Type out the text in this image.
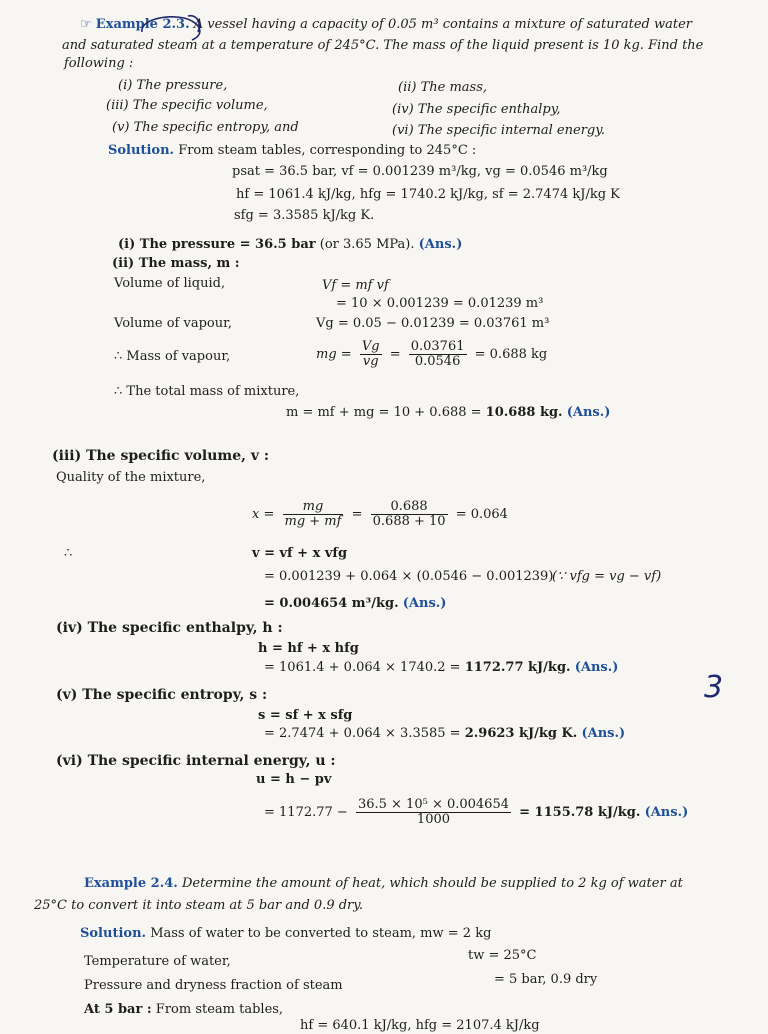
☞ Example 2.3. A vessel having a capacity of 0.05 m³ contains a mixture of saturated water
and saturated steam at a temperature of 245°C. The mass of the liquid present is 10 kg. Find the
following :
(i) The pressure,	(ii) The mass,
(iii) The specific volume,	(iv) The specific enthalpy,
(v) The specific entropy, and	(vi) The specific internal energy.
Solution. From steam tables, corresponding to 245°C :
psat = 36.5 bar, vf = 0.001239 m³/kg, vg = 0.0546 m³/kg
hf = 1061.4 kJ/kg, hfg = 1740.2 kJ/kg, sf = 2.7474 kJ/kg K
sfg = 3.3585 kJ/kg K.
(i) The pressure = 36.5 bar (or 3.65 MPa). (Ans.)
(ii) The mass, m :
Volume of liquid,	Vf = mf vf
= 10 × 0.001239 = 0.01239 m³
Volume of vapour,	Vg = 0.05 − 0.01239 = 0.03761 m³
∴ Mass of vapour,	mg = $\frac{Vg}{vg} = \frac{0.03761}{0.0546} = 0.688$ kg
∴ The total mass of mixture,
m = mf + mg = 10 + 0.688 = 10.688 kg. (Ans.)
(iii) The specific volume, v :
Quality of the mixture,
$x = \frac{mg}{mg + mf} = \frac{0.688}{0.688 + 10} = 0.064$
∴	v = vf + x vfg
= 0.001239 + 0.064 × (0.0546 − 0.001239)
(∵ vfg = vg − vf)
= 0.004654 m³/kg. (Ans.)
(iv) The specific enthalpy, h :
h = hf + x hfg
= 1061.4 + 0.064 × 1740.2 = 1172.77 kJ/kg. (Ans.)
(v) The specific entropy, s :
s = sf + x sfg
= 2.7474 + 0.064 × 3.3585 = 2.9623 kJ/kg K. (Ans.)
(vi) The specific internal energy, u :
u = h − pv
= $1172.77 - \frac{\text{36.5 × 10⁵ × 0.004654}}{1000} = 1155.78$ kJ/kg. (Ans.)
Example 2.4. Determine the amount of heat, which should be supplied to 2 kg of water at
25°C to convert it into steam at 5 bar and 0.9 dry.
Solution. Mass of water to be converted to steam, mw = 2 kg
Temperature of water,	tw = 25°C
Pressure and dryness fraction of steam	= 5 bar, 0.9 dry
At 5 bar : From steam tables,
hf = 640.1 kJ/kg, hfg = 2107.4 kJ/kg
3
